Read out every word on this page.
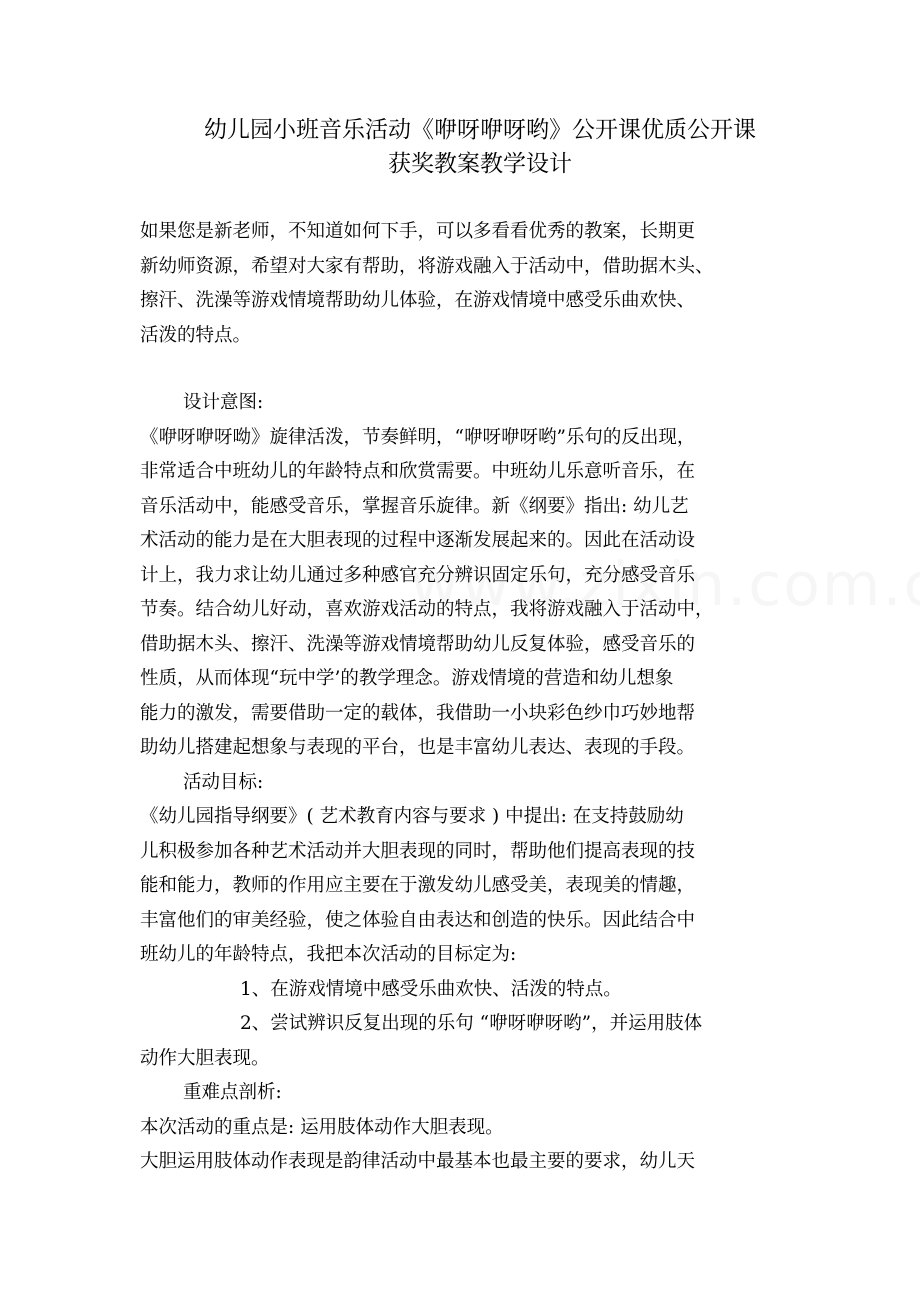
幼儿园小班音乐活动《咿呀咿呀哟》公开课优质公开课
获奖教案教学设计
如果您是新老师，不知道如何下手，可以多看看优秀的教案，长期更
新幼师资源，希望对大家有帮助，将游戏融入于活动中，借助据木头、
擦汗、洗澡等游戏情境帮助幼儿体验，在游戏情境中感受乐曲欢快、
活泼的特点。
设计意图:
《咿呀咿呀呦》旋律活泼，节奏鲜明，“咿呀咿呀哟”乐句的反出现，
非常适合中班幼儿的年龄特点和欣赏需要。中班幼儿乐意听音乐，在
音乐活动中，能感受音乐，掌握音乐旋律。新《纲要》指出: 幼儿艺
术活动的能力是在大胆表现的过程中逐渐发展起来的。因此在活动设
计上，我力求让幼儿通过多种感官充分辨识固定乐句，充分感受音乐
节奏。结合幼儿好动，喜欢游戏活动的特点，我将游戏融入于活动中，
借助据木头、擦汗、洗澡等游戏情境帮助幼儿反复体验，感受音乐的
性质，从而体现“玩中学’的教学理念。游戏情境的营造和幼儿想象
能力的激发，需要借助一定的载体，我借助一小块彩色纱巾巧妙地帮
助幼儿搭建起想象与表现的平台，也是丰富幼儿表达、表现的手段。
活动目标:
《幼儿园指导纲要》( 艺术教育内容与要求 ) 中提出: 在支持鼓励幼
儿积极参加各种艺术活动并大胆表现的同时，帮助他们提高表现的技
能和能力，教师的作用应主要在于激发幼儿感受美，表现美的情趣，
丰富他们的审美经验，使之体验自由表达和创造的快乐。因此结合中
班幼儿的年龄特点，我把本次活动的目标定为:
1、在游戏情境中感受乐曲欢快、活泼的特点。
2、尝试辨识反复出现的乐句 “咿呀咿呀哟”，并运用肢体
动作大胆表现。
重难点剖析:
本次活动的重点是: 运用肢体动作大胆表现。
大胆运用肢体动作表现是韵律活动中最基本也最主要的要求，幼儿天
